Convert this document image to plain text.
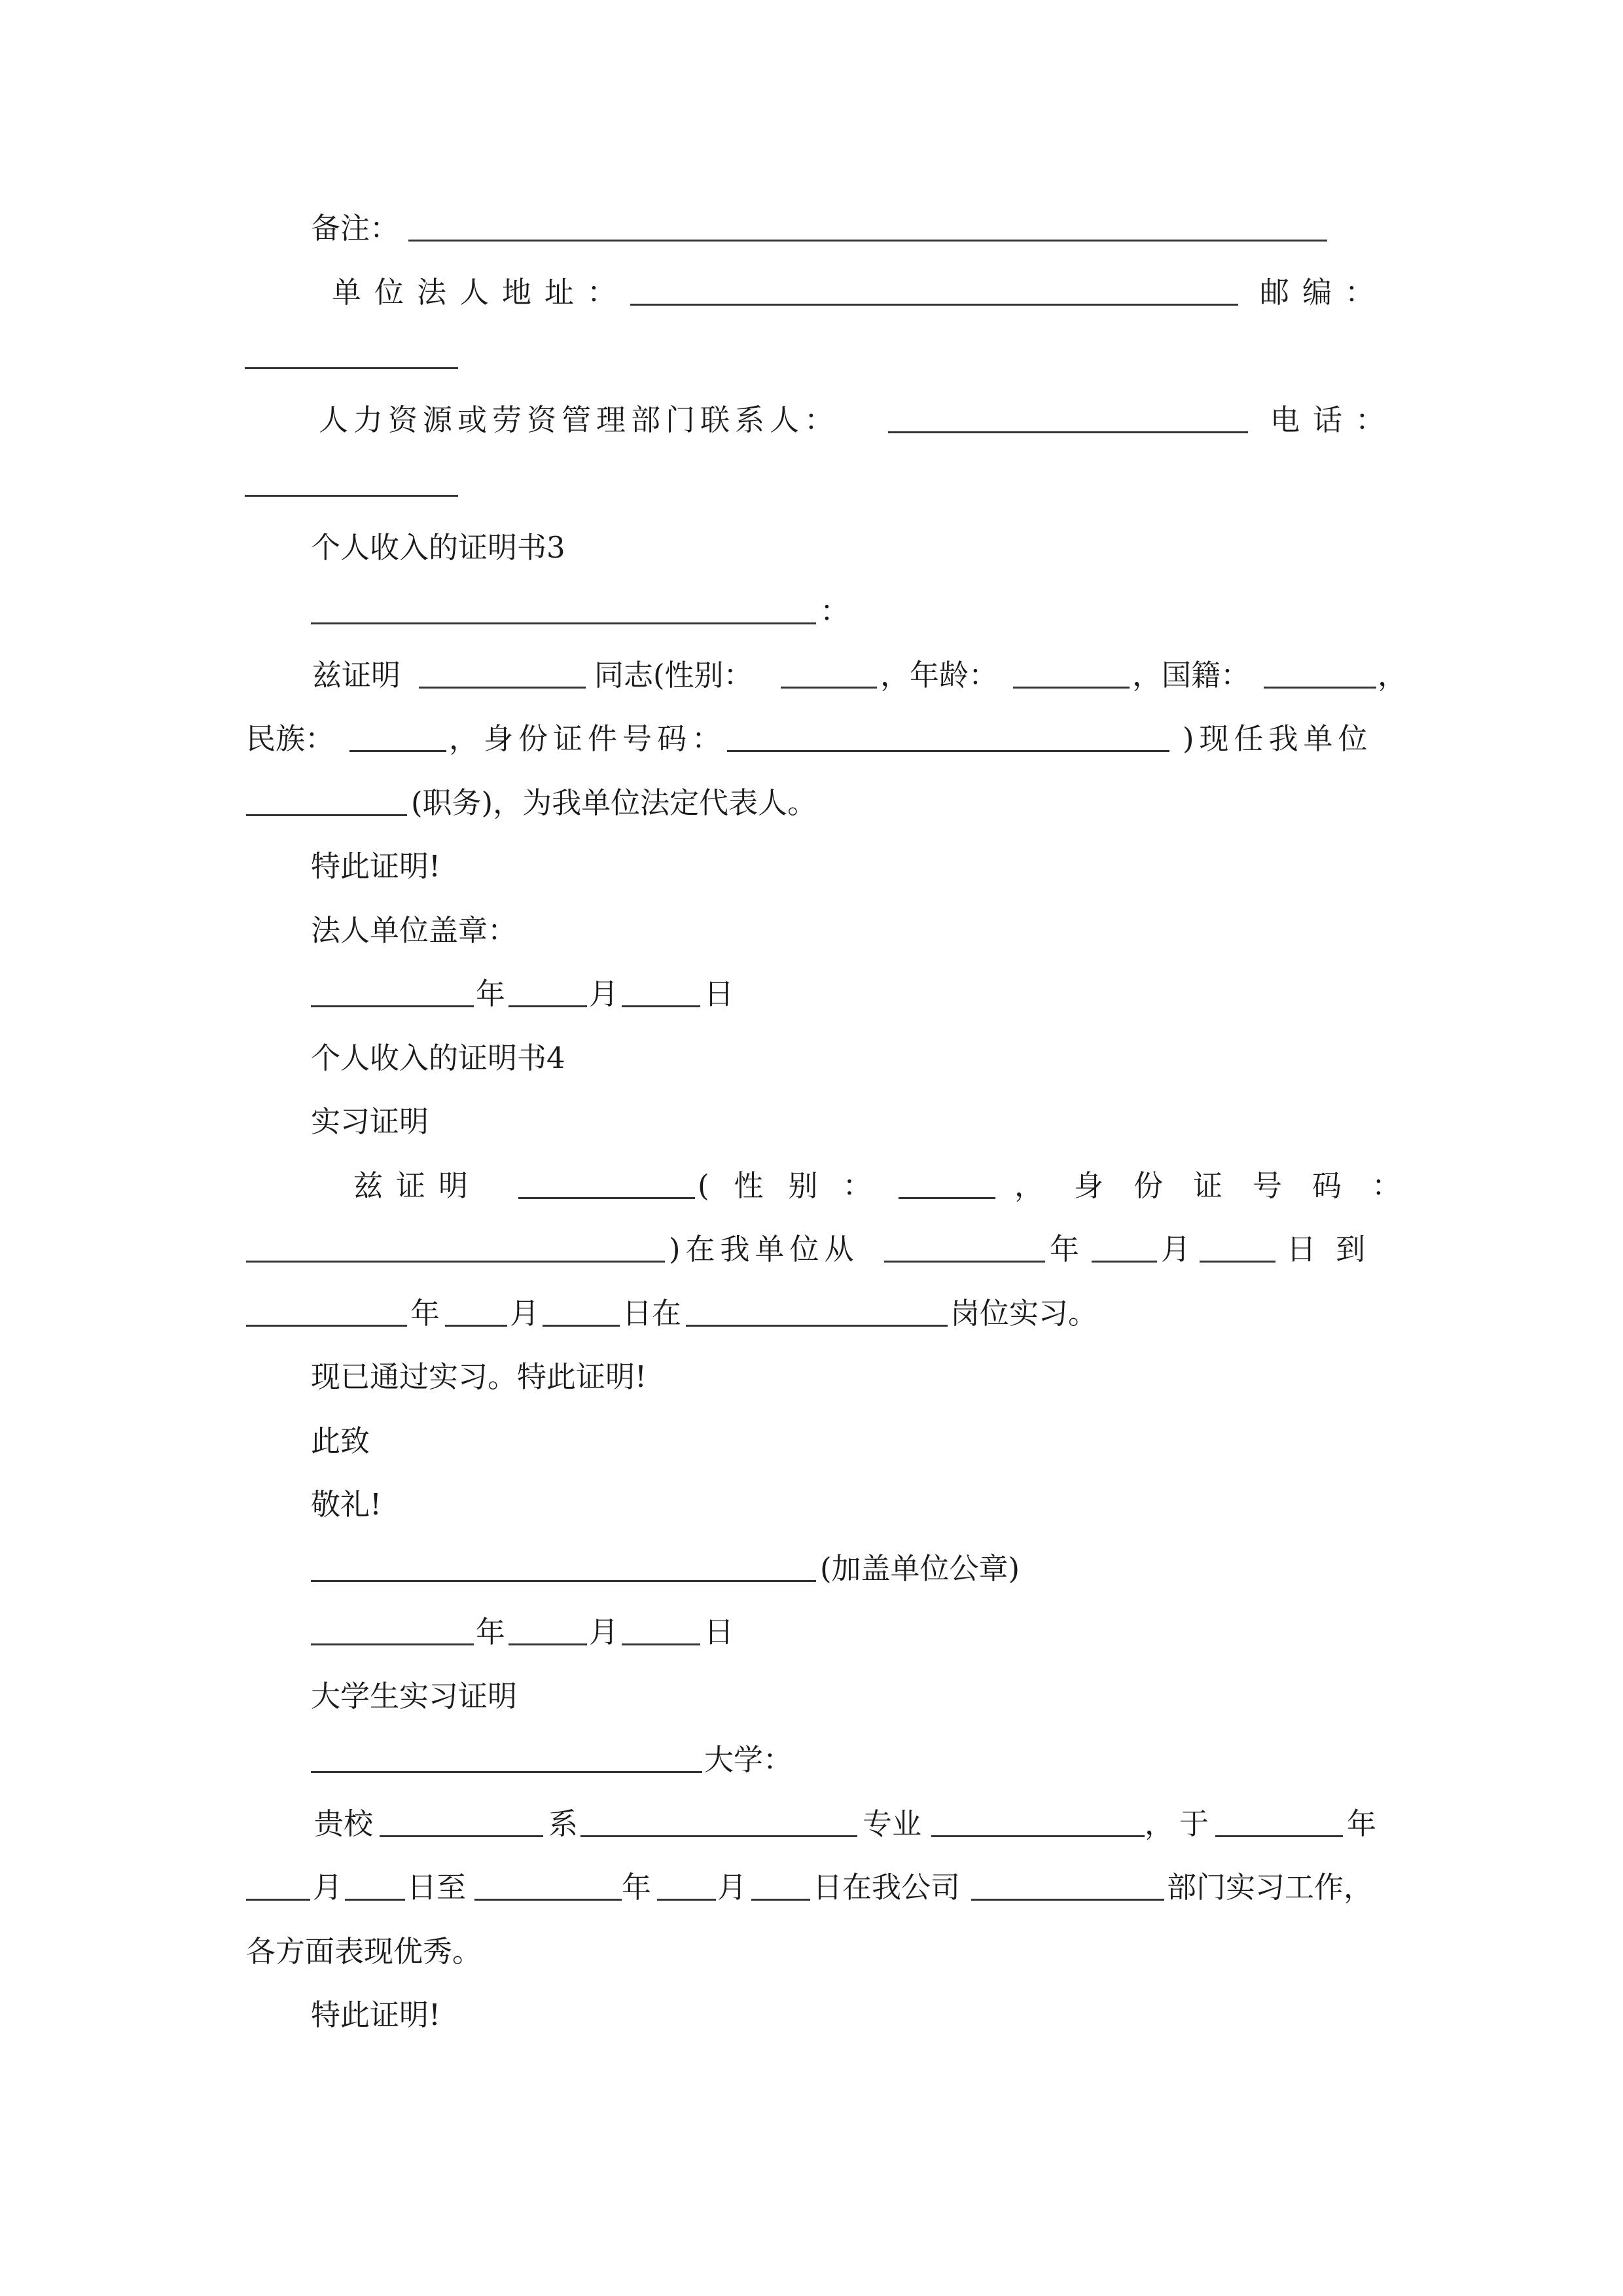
备注：
单位法人地址：	邮编：
人力资源或劳资管理部门联系人：	电话：
个人收入的证明书3
：
兹证明	同志(性别：	，年龄：	，国籍：	，
民族：	，身份证件号码：	)现任我单位
(职务)，为我单位法定代表人。
特此证明!
法人单位盖章：
年	月	日
个人收入的证明书4
实习证明
兹证明	(性别：	，身份证号码：
)在我单位从	年	月	日到
年 月	日在	岗位实习。
现已通过实习。特此证明!
此致
敬礼!
(加盖单位公章)
年	月	日
大学生实习证明
大学：
贵校	系	专业	，于	年
月 日至	年 月 日在我公司	部门实习工作，
各方面表现优秀。
特此证明!
